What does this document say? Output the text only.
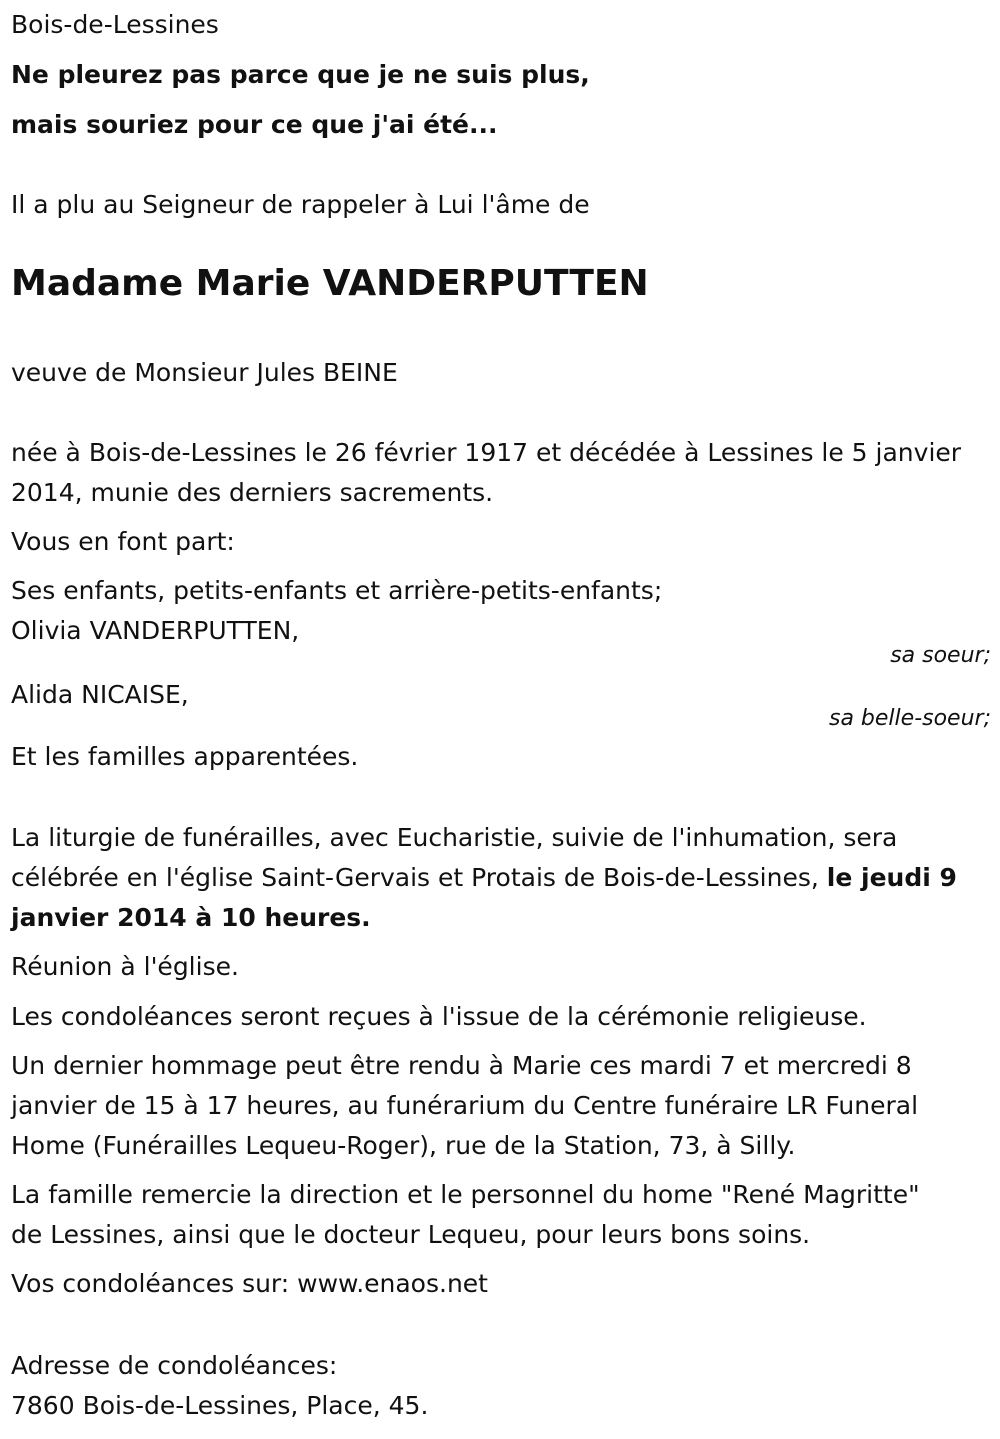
Bois-de-Lessines
Ne pleurez pas parce que je ne suis plus,
mais souriez pour ce que j'ai été...
Il a plu au Seigneur de rappeler à Lui l'âme de
Madame Marie VANDERPUTTEN
veuve de Monsieur Jules BEINE
née à Bois-de-Lessines le 26 février 1917 et décédée à Lessines le 5 janvier
2014, munie des derniers sacrements.
Vous en font part:
Ses enfants, petits-enfants et arrière-petits-enfants;
Olivia VANDERPUTTEN,
sa soeur;
Alida NICAISE,
sa belle-soeur;
Et les familles apparentées.
La liturgie de funérailles, avec Eucharistie, suivie de l'inhumation, sera
célébrée en l'église Saint-Gervais et Protais de Bois-de-Lessines, le jeudi 9
janvier 2014 à 10 heures.
Réunion à l'église.
Les condoléances seront reçues à l'issue de la cérémonie religieuse.
Un dernier hommage peut être rendu à Marie ces mardi 7 et mercredi 8
janvier de 15 à 17 heures, au funérarium du Centre funéraire LR Funeral
Home (Funérailles Lequeu-Roger), rue de la Station, 73, à Silly.
La famille remercie la direction et le personnel du home "René Magritte"
de Lessines, ainsi que le docteur Lequeu, pour leurs bons soins.
Vos condoléances sur: www.enaos.net
Adresse de condoléances:
7860 Bois-de-Lessines, Place, 45.
